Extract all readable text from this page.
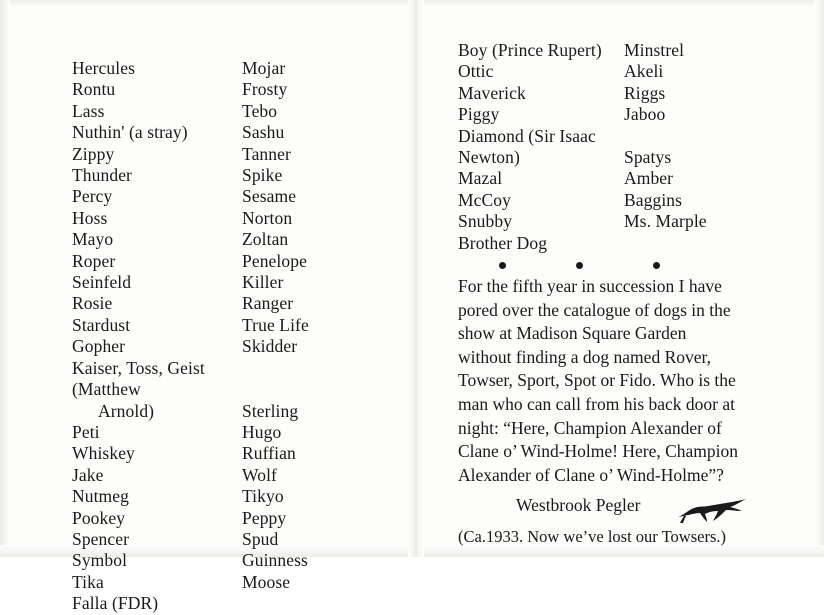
Hercules
Rontu
Lass
Nuthin' (a stray)
Zippy
Thunder
Percy
Hoss
Mayo
Roper
Seinfeld
Rosie
Stardust
Gopher
Kaiser, Toss, Geist (Matthew
Arnold)
Peti
Whiskey
Jake
Nutmeg
Pookey
Spencer
Symbol
Tika
Falla (FDR)
Mojar
Frosty
Tebo
Sashu
Tanner
Spike
Sesame
Norton
Zoltan
Penelope
Killer
Ranger
True Life
Skidder
Sterling
Hugo
Ruffian
Wolf
Tikyo
Peppy
Spud
Guinness
Moose
Boy (Prince Rupert)
Ottic
Maverick
Piggy
Diamond (Sir Isaac Newton)
Mazal
McCoy
Snubby
Brother Dog
Minstrel
Akeli
Riggs
Jaboo
Spatys
Amber
Baggins
Ms. Marple

For the fifth year in succession I have pored over the catalogue of dogs in the show at Madison Square Garden without finding a dog named Rover, Towser, Sport, Spot or Fido. Who is the man who can call from his back door at night: “Here, Champion Alexander of Clane o’ Wind-Holme! Here, Champion Alexander of Clane o’ Wind-Holme”?

Westbrook Pegler
(Ca.1933. Now we’ve lost our Towsers.)
